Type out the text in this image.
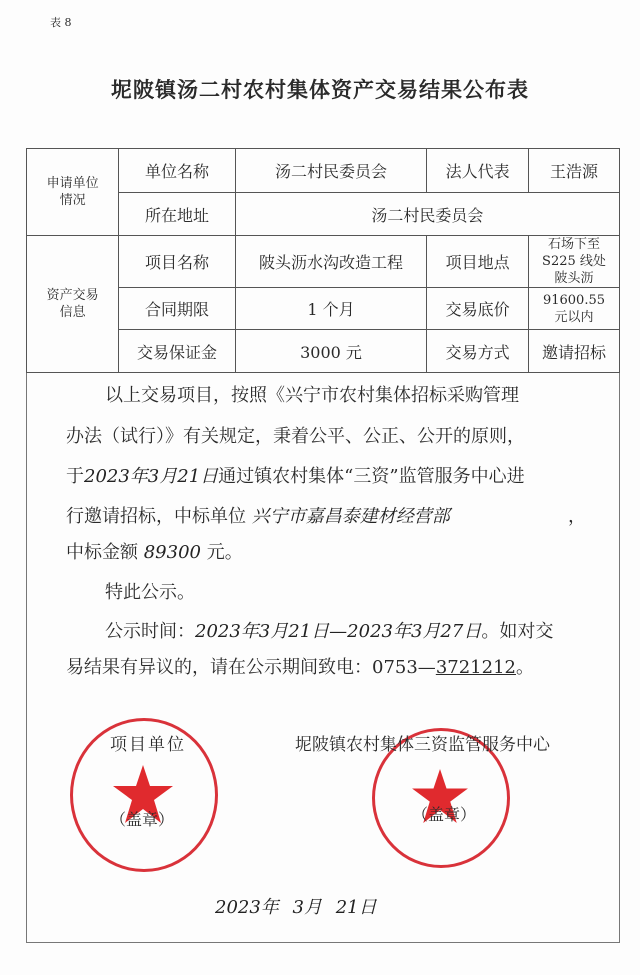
表 8
坭陂镇汤二村农村集体资产交易结果公布表
申请单位情况	单位名称	汤二村民委员会	法人代表	王浩源
	所在地址	汤二村民委员会		
资产交易信息	项目名称	陂头沥水沟改造工程	项目地点	石场下至 S225 线处陂头沥
	合同期限	1 个月	交易底价	91600.55 元以内
	交易保证金	3000 元	交易方式	邀请招标
以上交易项目，按照《兴宁市农村集体招标采购管理
办法（试行）》有关规定，秉着公平、公正、公开的原则，
于2023年3月21日通过镇农村集体“三资”监管服务中心进
行邀请招标，中标单位 兴宁市嘉昌泰建材经营部	，
中标金额 89300 元。
特此公示。
公示时间：2023年3月21日—2023年3月27日。如对交
易结果有异议的，请在公示期间致电：0753—3721212。
项目单位
（盖章）
坭陂镇农村集体三资监管服务中心
（盖章）
2023年 3月 21日
